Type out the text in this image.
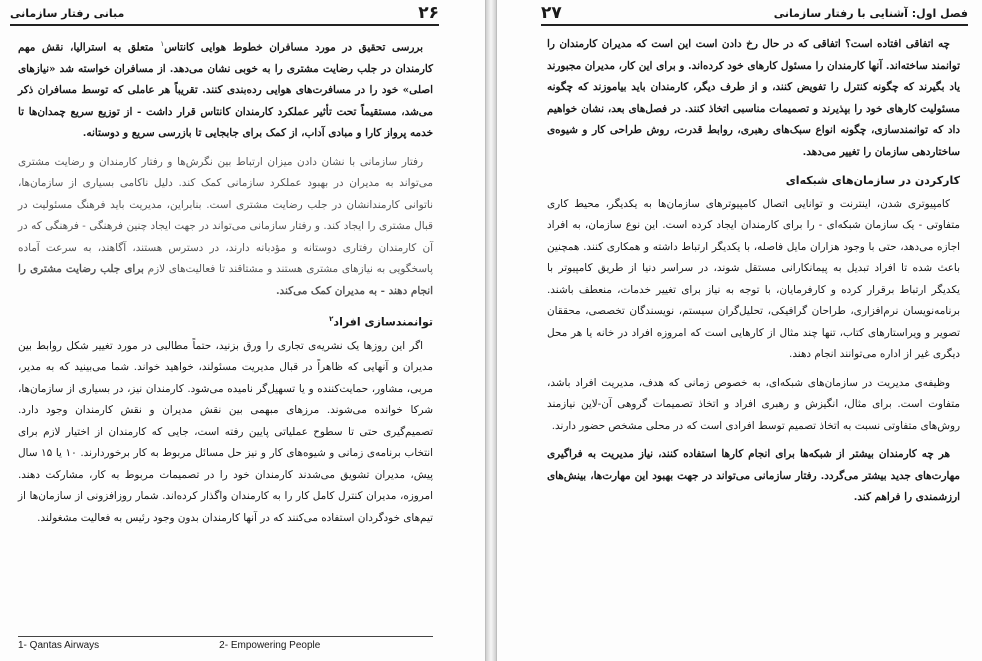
مبانی رفتار سازمانی	۲۶

بررسی تحقیق در مورد مسافران خطوط هوایی کانتاس$^۱$ متعلق به استرالیا، نقش مهم کارمندان در جلب رضایت مشتری را به خوبی نشان می‌دهد. از مسافران خواسته شد «نیازهای اصلی» خود را در مسافرت‌های هوایی رده‌بندی کنند. تقریباً هر عاملی که توسط مسافران ذکر می‌شد، مستقیماً تحت تأثیر عملکرد کارمندان کانتاس قرار داشت - از توزیع سریع چمدان‌ها تا خدمه پرواز کارا و مبادی آداب، از کمک برای جابجایی تا بازرسی سریع و دوستانه.

رفتار سازمانی با نشان دادن میزان ارتباط بین نگرش‌ها و رفتار کارمندان و رضایت مشتری می‌تواند به مدیران در بهبود عملکرد سازمانی کمک کند. دلیل ناکامی بسیاری از سازمان‌ها، ناتوانی کارمندانشان در جلب رضایت مشتری است. بنابراین، مدیریت باید فرهنگ مسئولیت در قبال مشتری را ایجاد کند. و رفتار سازمانی می‌تواند در جهت ایجاد چنین فرهنگی - فرهنگی که در آن کارمندان رفتاری دوستانه و مؤدبانه دارند، در دسترس هستند، آگاهند، به سرعت آماده پاسخگویی به نیازهای مشتری هستند و مشتاقند تا فعالیت‌های لازم برای جلب رضایت مشتری را انجام دهند - به مدیران کمک می‌کند.

توانمندسازی افراد$^۲$

اگر این روزها یک نشریه‌ی تجاری را ورق بزنید، حتماً مطالبی در مورد تغییر شکل روابط بین مدیران و آنهایی که ظاهراً در قبال مدیریت مسئولند، خواهید خواند. شما می‌بینید که به مدیر، مربی، مشاور، حمایت‌کننده و یا تسهیل‌گر نامیده می‌شود. کارمندان نیز، در بسیاری از سازمان‌ها، شرکا خوانده می‌شوند. مرزهای مبهمی بین نقش مدیران و نقش کارمندان وجود دارد. تصمیم‌گیری حتی تا سطوح عملیاتی پایین رفته است، جایی که کارمندان از اختیار لازم برای انتخاب برنامه‌ی زمانی و شیوه‌های کار و نیز حل مسائل مربوط به کار برخوردارند. ۱۰ یا ۱۵ سال پیش، مدیران تشویق می‌شدند کارمندان خود را در تصمیمات مربوط به کار، مشارکت دهند. امروزه، مدیران کنترل کامل کار را به کارمندان واگذار کرده‌اند. شمار روزافزونی از سازمان‌ها از تیم‌های خودگردان استفاده می‌کنند که در آنها کارمندان بدون وجود رئیس به فعالیت مشغولند.

1- Qantas Airways	2- Empowering People
۲۷	فصل اول: آشنایی با رفتار سازمانی

چه اتفاقی افتاده است؟ اتفاقی که در حال رخ دادن است این است که مدیران کارمندان را توانمند ساخته‌اند. آنها کارمندان را مسئول کارهای خود کرده‌اند. و برای این کار، مدیران مجبورند یاد بگیرند که چگونه کنترل را تفویض کنند، و از طرف دیگر، کارمندان باید بیاموزند که چگونه مسئولیت کارهای خود را بپذیرند و تصمیمات مناسبی اتخاذ کنند. در فصل‌های بعد، نشان خواهیم داد که توانمندسازی، چگونه انواع سبک‌های رهبری، روابط قدرت، روش طراحی کار و شیوه‌ی ساختاردهی سازمان را تغییر می‌دهد.

کارکردن در سازمان‌های شبکه‌ای

کامپیوتری شدن، اینترنت و توانایی اتصال کامپیوترهای سازمان‌ها به یکدیگر، محیط کاری متفاوتی - یک سازمان شبکه‌ای - را برای کارمندان ایجاد کرده است. این نوع سازمان، به افراد اجازه می‌دهد، حتی با وجود هزاران مایل فاصله، با یکدیگر ارتباط داشته و همکاری کنند. همچنین باعث شده تا افراد تبدیل به پیمانکارانی مستقل شوند، در سراسر دنیا از طریق کامپیوتر با یکدیگر ارتباط برقرار کرده و کارفرمایان، با توجه به نیاز برای تغییر خدمات، منعطف باشند. برنامه‌نویسان نرم‌افزاری، طراحان گرافیکی، تحلیل‌گران سیستم، نویسندگان تخصصی، محققان تصویر و ویراستارهای کتاب، تنها چند مثال از کارهایی است که امروزه افراد در خانه یا هر محل دیگری غیر از اداره می‌توانند انجام دهند.

وظیفه‌ی مدیریت در سازمان‌های شبکه‌ای، به خصوص زمانی که هدف، مدیریت افراد باشد، متفاوت است. برای مثال، انگیزش و رهبری افراد و اتخاذ تصمیمات گروهی آن-لاین نیازمند روش‌های متفاوتی نسبت به اتخاذ تصمیم توسط افرادی است که در محلی مشخص حضور دارند.

هر چه کارمندان بیشتر از شبکه‌ها برای انجام کارها استفاده کنند، نیاز مدیریت به فراگیری مهارت‌های جدید بیشتر می‌گردد. رفتار سازمانی می‌تواند در جهت بهبود این مهارت‌ها، بینش‌های ارزشمندی را فراهم کند.
